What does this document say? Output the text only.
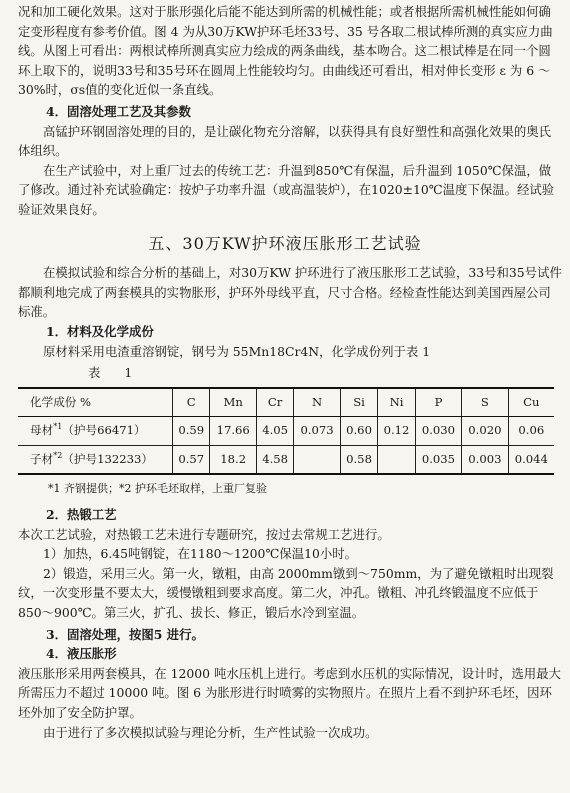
况和加工硬化效果。这对于胀形强化后能不能达到所需的机械性能；或者根据所需机械性能如何确定变形程度有参考价值。图 4 为从30万KW护环毛坯33号、35 号各取二根试棒所测的真实应力曲线。从图上可看出：两根试棒所测真实应力绘成的两条曲线，基本吻合。这二根试棒是在同一个圆环上取下的，说明33号和35号环在圆周上性能较均匀。由曲线还可看出，相对伸长变形 ε 为 6 ～30%时，σs值的变化近似一条直线。

4．固溶处理工艺及其参数

高锰护环钢固溶处理的目的，是让碳化物充分溶解，以获得具有良好塑性和高强化效果的奥氏体组织。

在生产试验中，对上重厂过去的传统工艺：升温到850℃有保温，后升温到 1050℃保温，做了修改。通过补充试验确定：按炉子功率升温（或高温装炉），在1020±10℃温度下保温。经试验验证效果良好。

五、30万KW护环液压胀形工艺试验

在模拟试验和综合分析的基础上，对30万KW 护环进行了液压胀形工艺试验，33号和35号试件都顺利地完成了两套模具的实物胀形，护环外母线平直，尺寸合格。经检查性能达到美国西屋公司标准。

1．材料及化学成份

原材料采用电渣重溶钢锭，钢号为 55Mn18Cr4N，化学成份列于表 1

表 1

化学成份 %	C	Mn	Cr	N	Si	Ni	P	S	Cu
母材$^{*1}$（护号66471）	0.59	17.66	4.05	0.073	0.60	0.12	0.030	0.020	0.06
子材$^{*2}$（护号132233）	0.57	18.2	4.58		0.58		0.035	0.003	0.044

*1 齐钢提供；*2 护环毛坯取样，上重厂复验

2．热锻工艺

本次工艺试验，对热锻工艺未进行专题研究，按过去常规工艺进行。

1）加热，6.45吨钢锭，在1180～1200℃保温10小时。

2）锻造，采用三火。第一火，镦粗，由高 2000mm镦到～750mm，为了避免镦粗时出现裂纹，一次变形量不要太大，缓慢镦粗到要求高度。第二火，冲孔。镦粗、冲孔终锻温度不应低于850～900℃。第三火，扩孔、拔长、修正，锻后水冷到室温。

3．固溶处理，按图5 进行。

4．液压胀形

液压胀形采用两套模具，在 12000 吨水压机上进行。考虑到水压机的实际情况，设计时，选用最大所需压力不超过 10000 吨。图 6 为胀形进行时喷雾的实物照片。在照片上看不到护环毛坯，因环坯外加了安全防护罩。

由于进行了多次模拟试验与理论分析，生产性试验一次成功。
